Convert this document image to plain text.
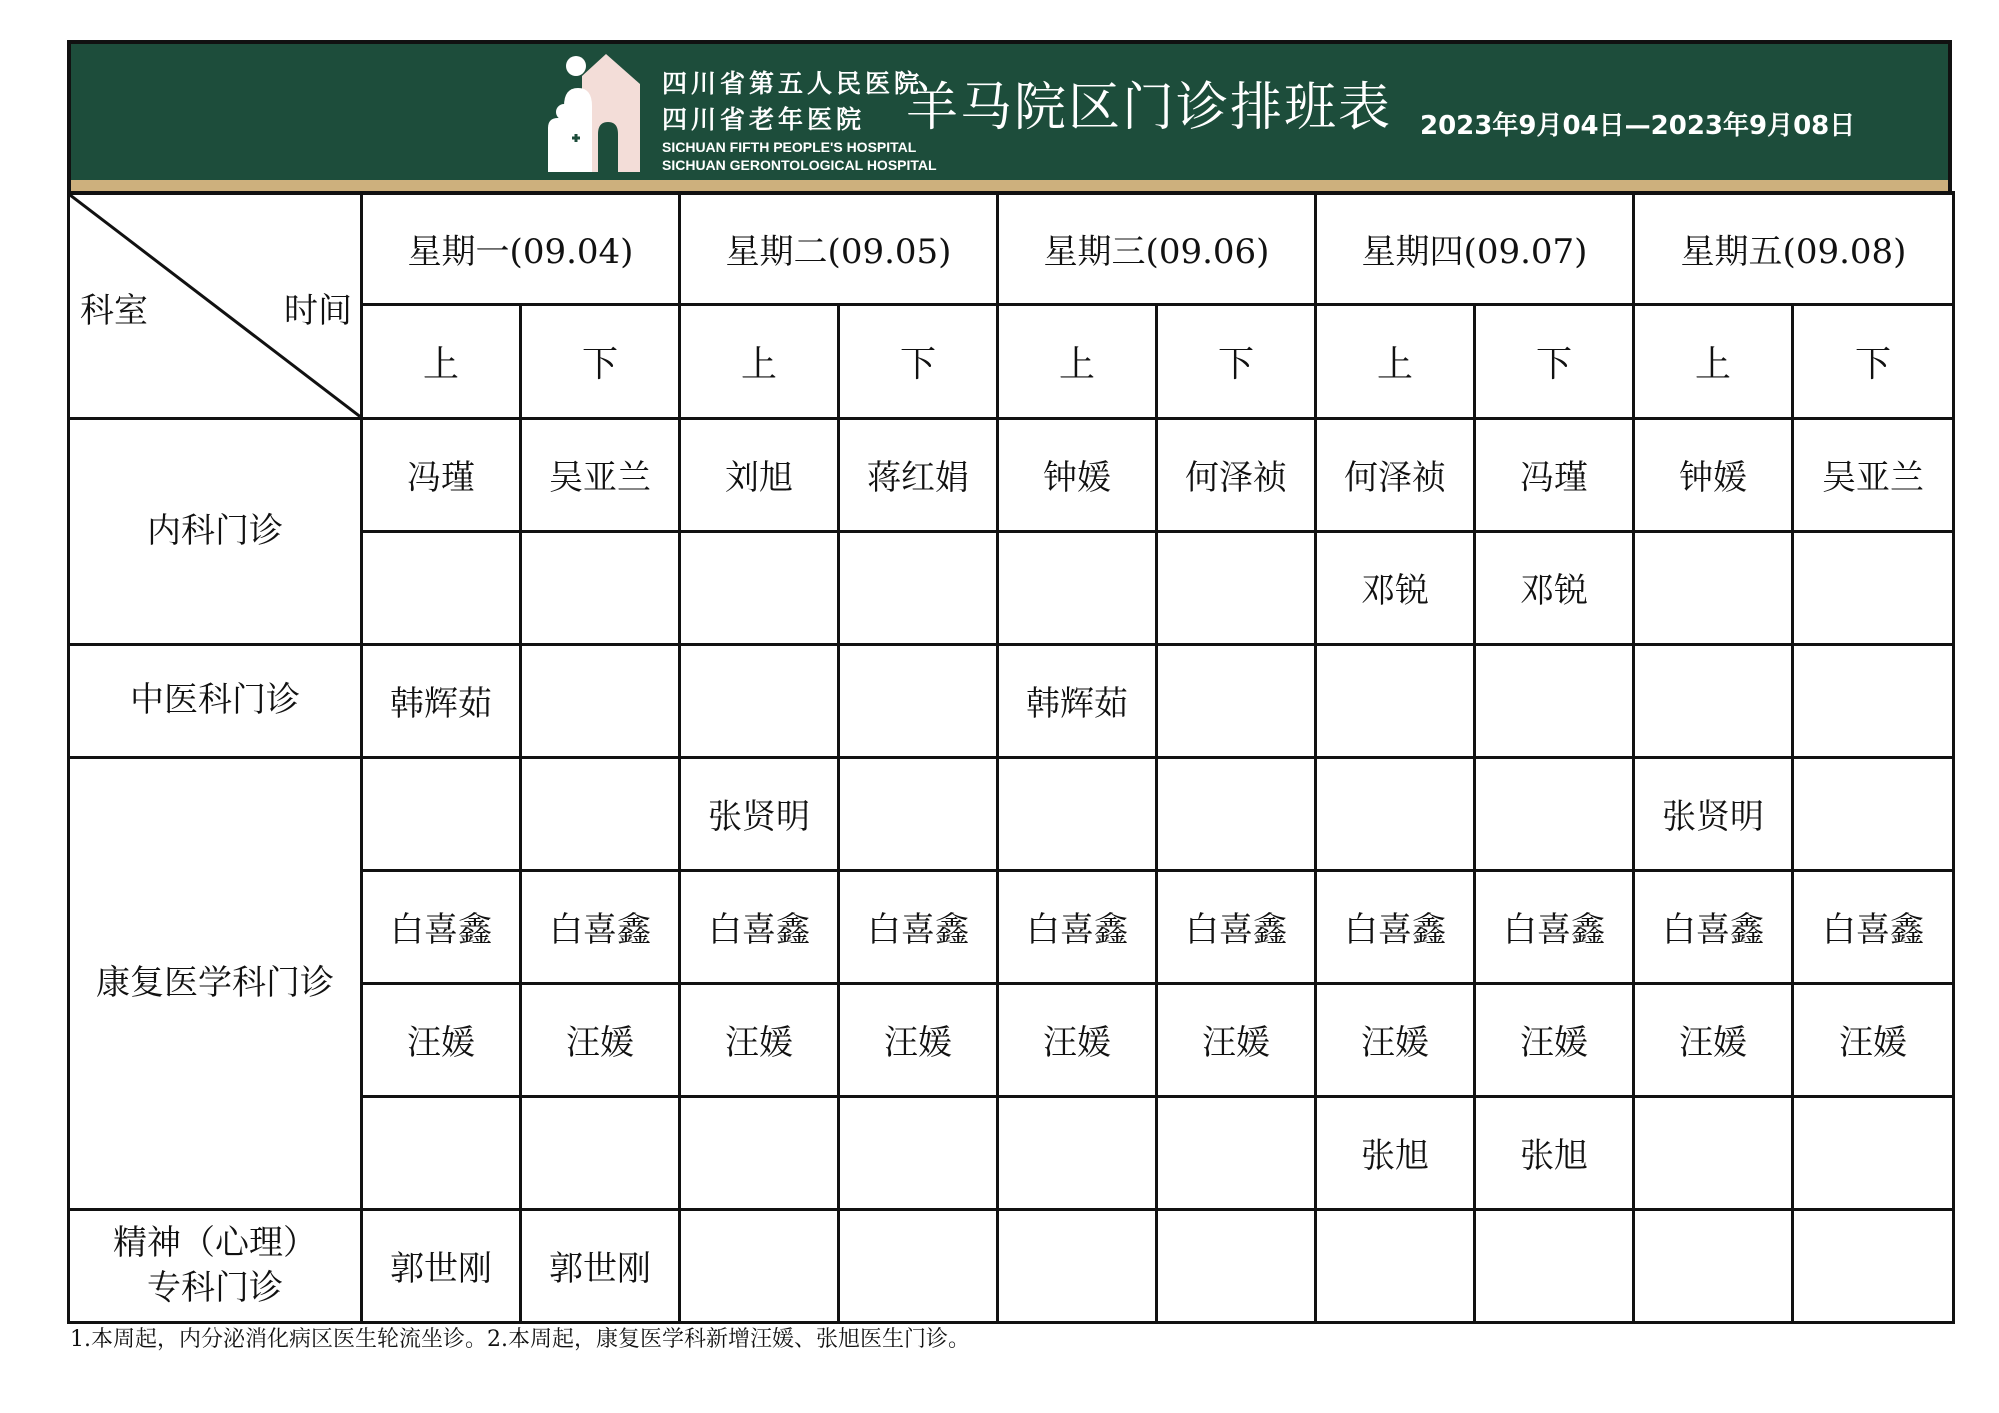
四川省第五人民医院
四川省老年医院
SICHUAN FIFTH PEOPLE'S HOSPITAL
SICHUAN GERONTOLOGICAL HOSPITAL
羊马院区门诊排班表 2023年9月04日—2023年9月08日
科室 时间	星期一(09.04)		星期二(09.05)		星期三(09.06)		星期四(09.07)		星期五(09.08)	
	上	下	上	下	上	下	上	下	上	下
内科门诊	冯瑾	吴亚兰	刘旭	蒋红娟	钟媛	何泽祯	何泽祯	冯瑾	钟媛	吴亚兰
							邓锐	邓锐		
中医科门诊	韩辉茹				韩辉茹					
康复医学科门诊			张贤明						张贤明	
	白喜鑫	白喜鑫	白喜鑫	白喜鑫	白喜鑫	白喜鑫	白喜鑫	白喜鑫	白喜鑫	白喜鑫
	汪媛	汪媛	汪媛	汪媛	汪媛	汪媛	汪媛	汪媛	汪媛	汪媛
							张旭	张旭		

精神（心理）
专科门诊	郭世刚	郭世刚								
1.本周起，内分泌消化病区医生轮流坐诊。2.本周起，康复医学科新增汪媛、张旭医生门诊。
